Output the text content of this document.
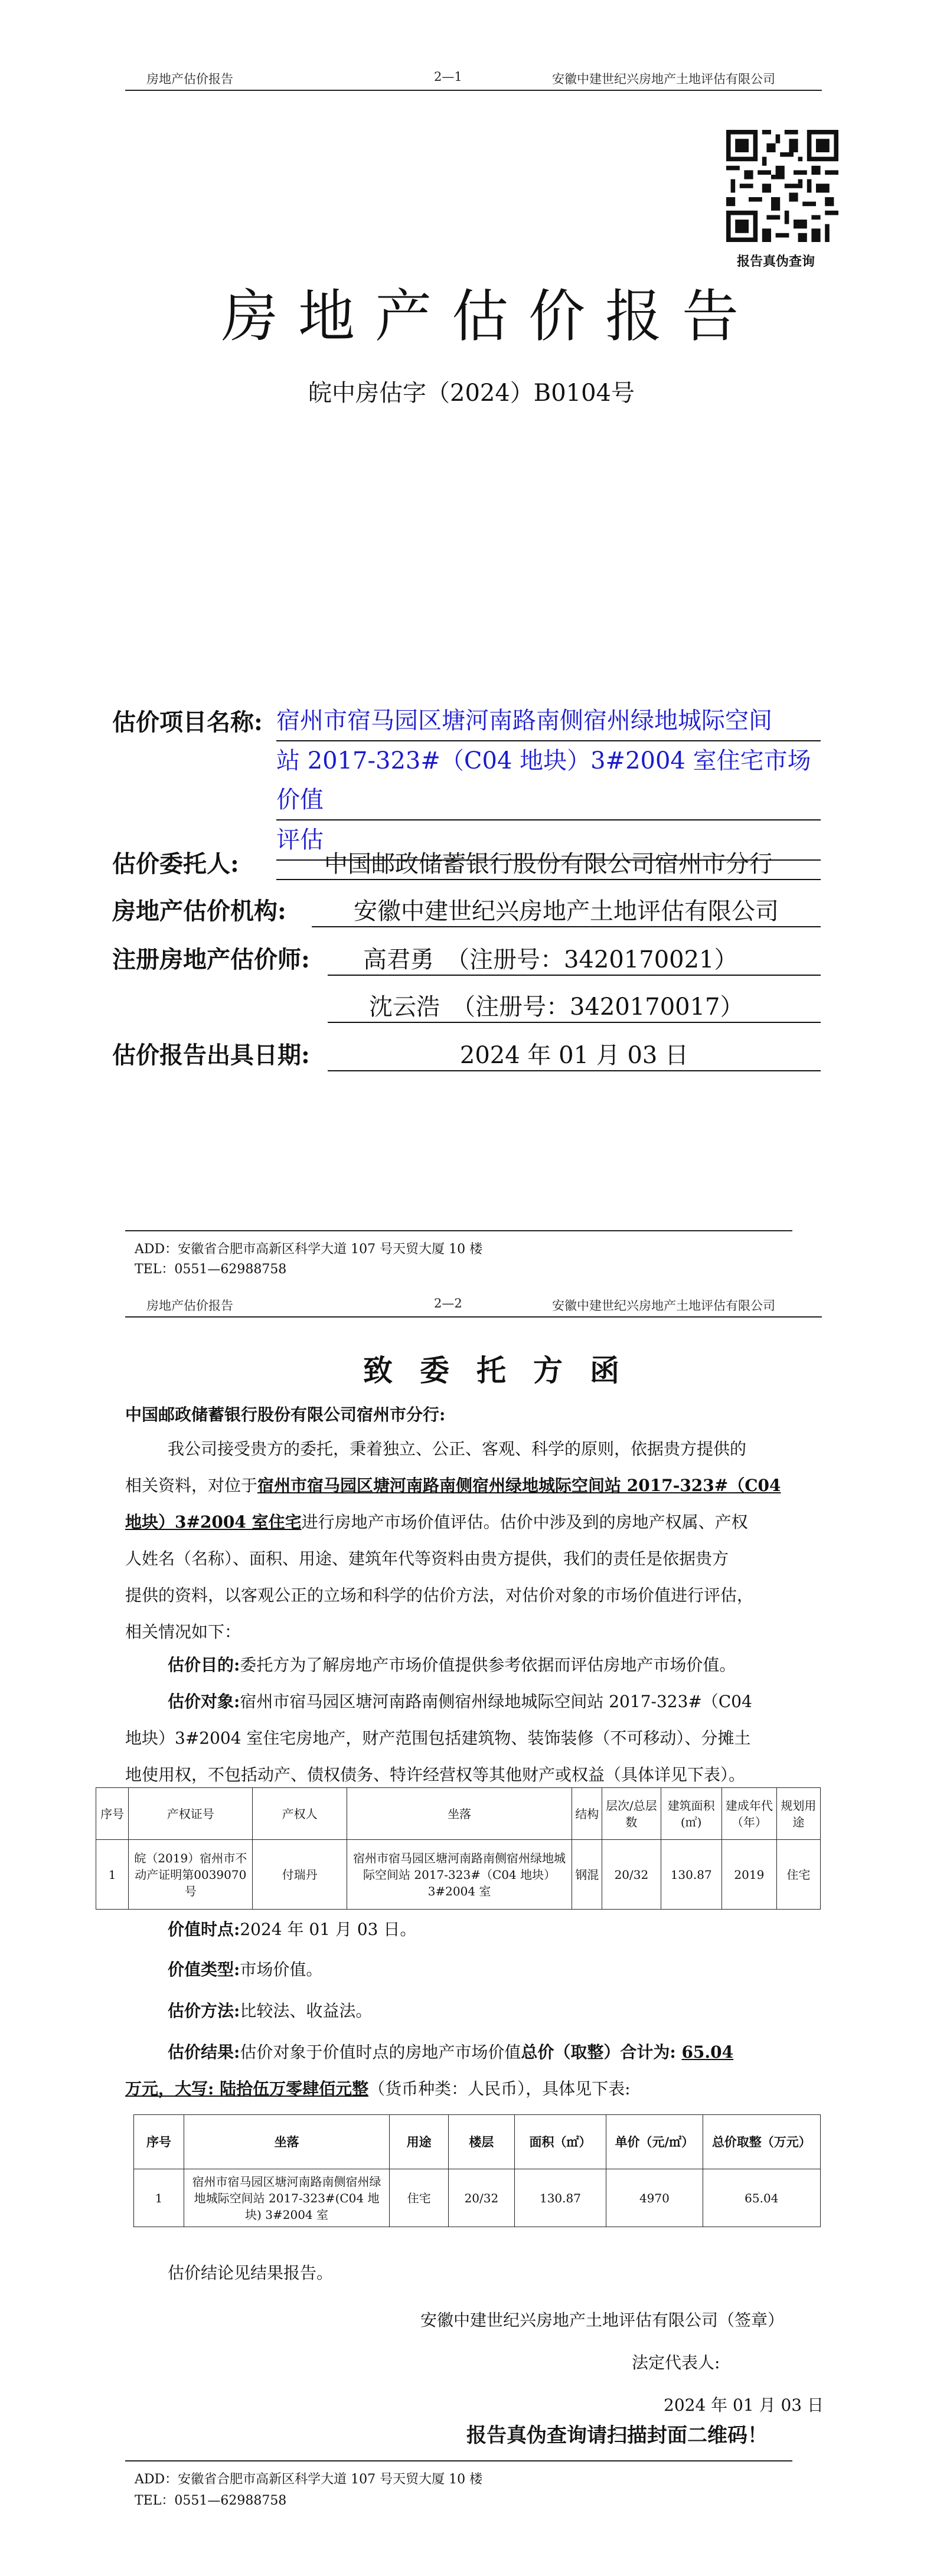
房地产估价报告	2—1	安徽中建世纪兴房地产土地评估有限公司
报告真伪查询
房地产估价报告
皖中房估字（2024）B0104号
估价项目名称: 宿州市宿马园区塘河南路南侧宿州绿地城际空间
站 2017-323#（C04 地块）3#2004 室住宅市场价值
评估
估价委托人:	中国邮政储蓄银行股份有限公司宿州市分行
房地产估价机构:	安徽中建世纪兴房地产土地评估有限公司
注册房地产估价师:	高君勇　（注册号：3420170021）
沈云浩　（注册号：3420170017）
估价报告出具日期:	2024 年 01 月 03 日
ADD：安徽省合肥市高新区科学大道 107 号天贸大厦 10 楼
TEL：0551—62988758
房地产估价报告	2—2	安徽中建世纪兴房地产土地评估有限公司
致委托方函
中国邮政储蓄银行股份有限公司宿州市分行:
我公司接受贵方的委托，秉着独立、公正、客观、科学的原则，依据贵方提供的
相关资料，对位于宿州市宿马园区塘河南路南侧宿州绿地城际空间站 2017-323#（C04
地块）3#2004 室住宅进行房地产市场价值评估。估价中涉及到的房地产权属、产权
人姓名（名称）、面积、用途、建筑年代等资料由贵方提供，我们的责任是依据贵方
提供的资料，以客观公正的立场和科学的估价方法，对估价对象的市场价值进行评估，
相关情况如下：
估价目的:委托方为了解房地产市场价值提供参考依据而评估房地产市场价值。
估价对象:宿州市宿马园区塘河南路南侧宿州绿地城际空间站 2017-323#（C04
地块）3#2004 室住宅房地产，财产范围包括建筑物、装饰装修（不可移动）、分摊土
地使用权，不包括动产、债权债务、特许经营权等其他财产或权益（具体详见下表）。
序号	产权证号	产权人	坐落	结构	层次/总层数	建筑面积(㎡)	建成年代（年）	规划用途
1	皖（2019）宿州市不动产证明第0039070号	付瑞丹	宿州市宿马园区塘河南路南侧宿州绿地城际空间站 2017-323#（C04 地块）3#2004 室	钢混	20/32	130.87	2019	住宅
价值时点:2024 年 01 月 03 日。
价值类型:市场价值。
估价方法:比较法、收益法。
估价结果:估价对象于价值时点的房地产市场价值总价（取整）合计为: 65.04
万元，大写: 陆拾伍万零肆佰元整（货币种类：人民币），具体见下表:
序号	坐落	用途	楼层	面积（㎡）	单价（元/㎡）	总价取整（万元）
1	宿州市宿马园区塘河南路南侧宿州绿地城际空间站 2017-323#(C04 地块) 3#2004 室	住宅	20/32	130.87	4970	65.04
估价结论见结果报告。
安徽中建世纪兴房地产土地评估有限公司（签章）
法定代表人:
2024 年 01 月 03 日
报告真伪查询请扫描封面二维码！
ADD：安徽省合肥市高新区科学大道 107 号天贸大厦 10 楼
TEL：0551—62988758
